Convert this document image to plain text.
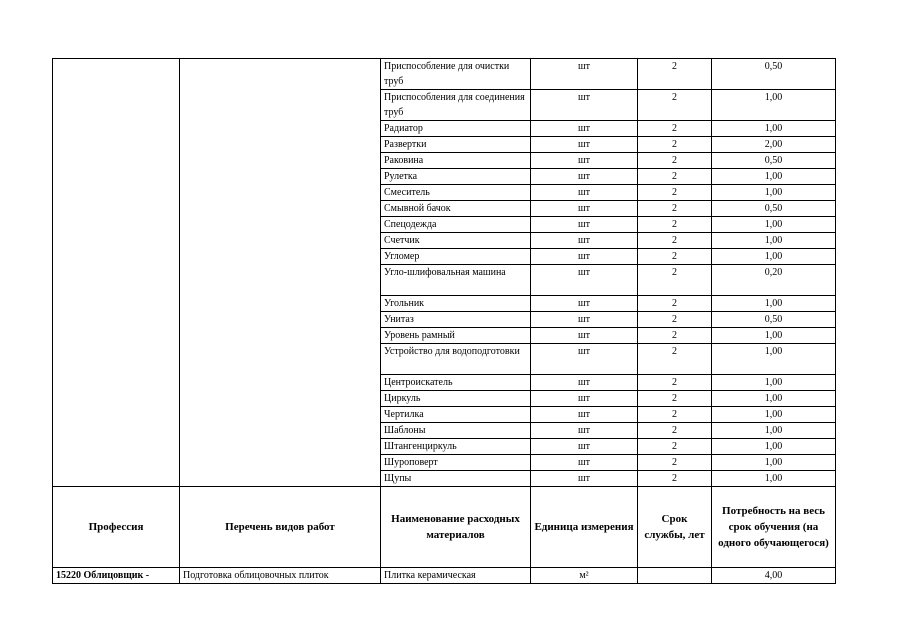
		Приспособление для очистки труб	шт	2	0,50
		Приспособления для соединения труб	шт	2	1,00
		Радиатор	шт	2	1,00
		Развертки	шт	2	2,00
		Раковина	шт	2	0,50
		Рулетка	шт	2	1,00
		Смеситель	шт	2	1,00
		Смывной бачок	шт	2	0,50
		Спецодежда	шт	2	1,00
		Счетчик	шт	2	1,00
		Угломер	шт	2	1,00
		Угло-шлифовальная машина	шт	2	0,20
		Угольник	шт	2	1,00
		Унитаз	шт	2	0,50
		Уровень рамный	шт	2	1,00
		Устройство для водоподготовки	шт	2	1,00
		Центроискатель	шт	2	1,00
		Циркуль	шт	2	1,00
		Чертилка	шт	2	1,00
		Шаблоны	шт	2	1,00
		Штангенциркуль	шт	2	1,00
		Шуроповерт	шт	2	1,00
		Щупы	шт	2	1,00
Профессия	Перечень видов работ	Наименование расходных материалов	Единица измерения	Срок службы, лет	Потребность на весь срок обучения (на одного обучающегося)
15220 Облицовщик -	Подготовка облицовочных плиток	Плитка керамическая	м²		4,00
